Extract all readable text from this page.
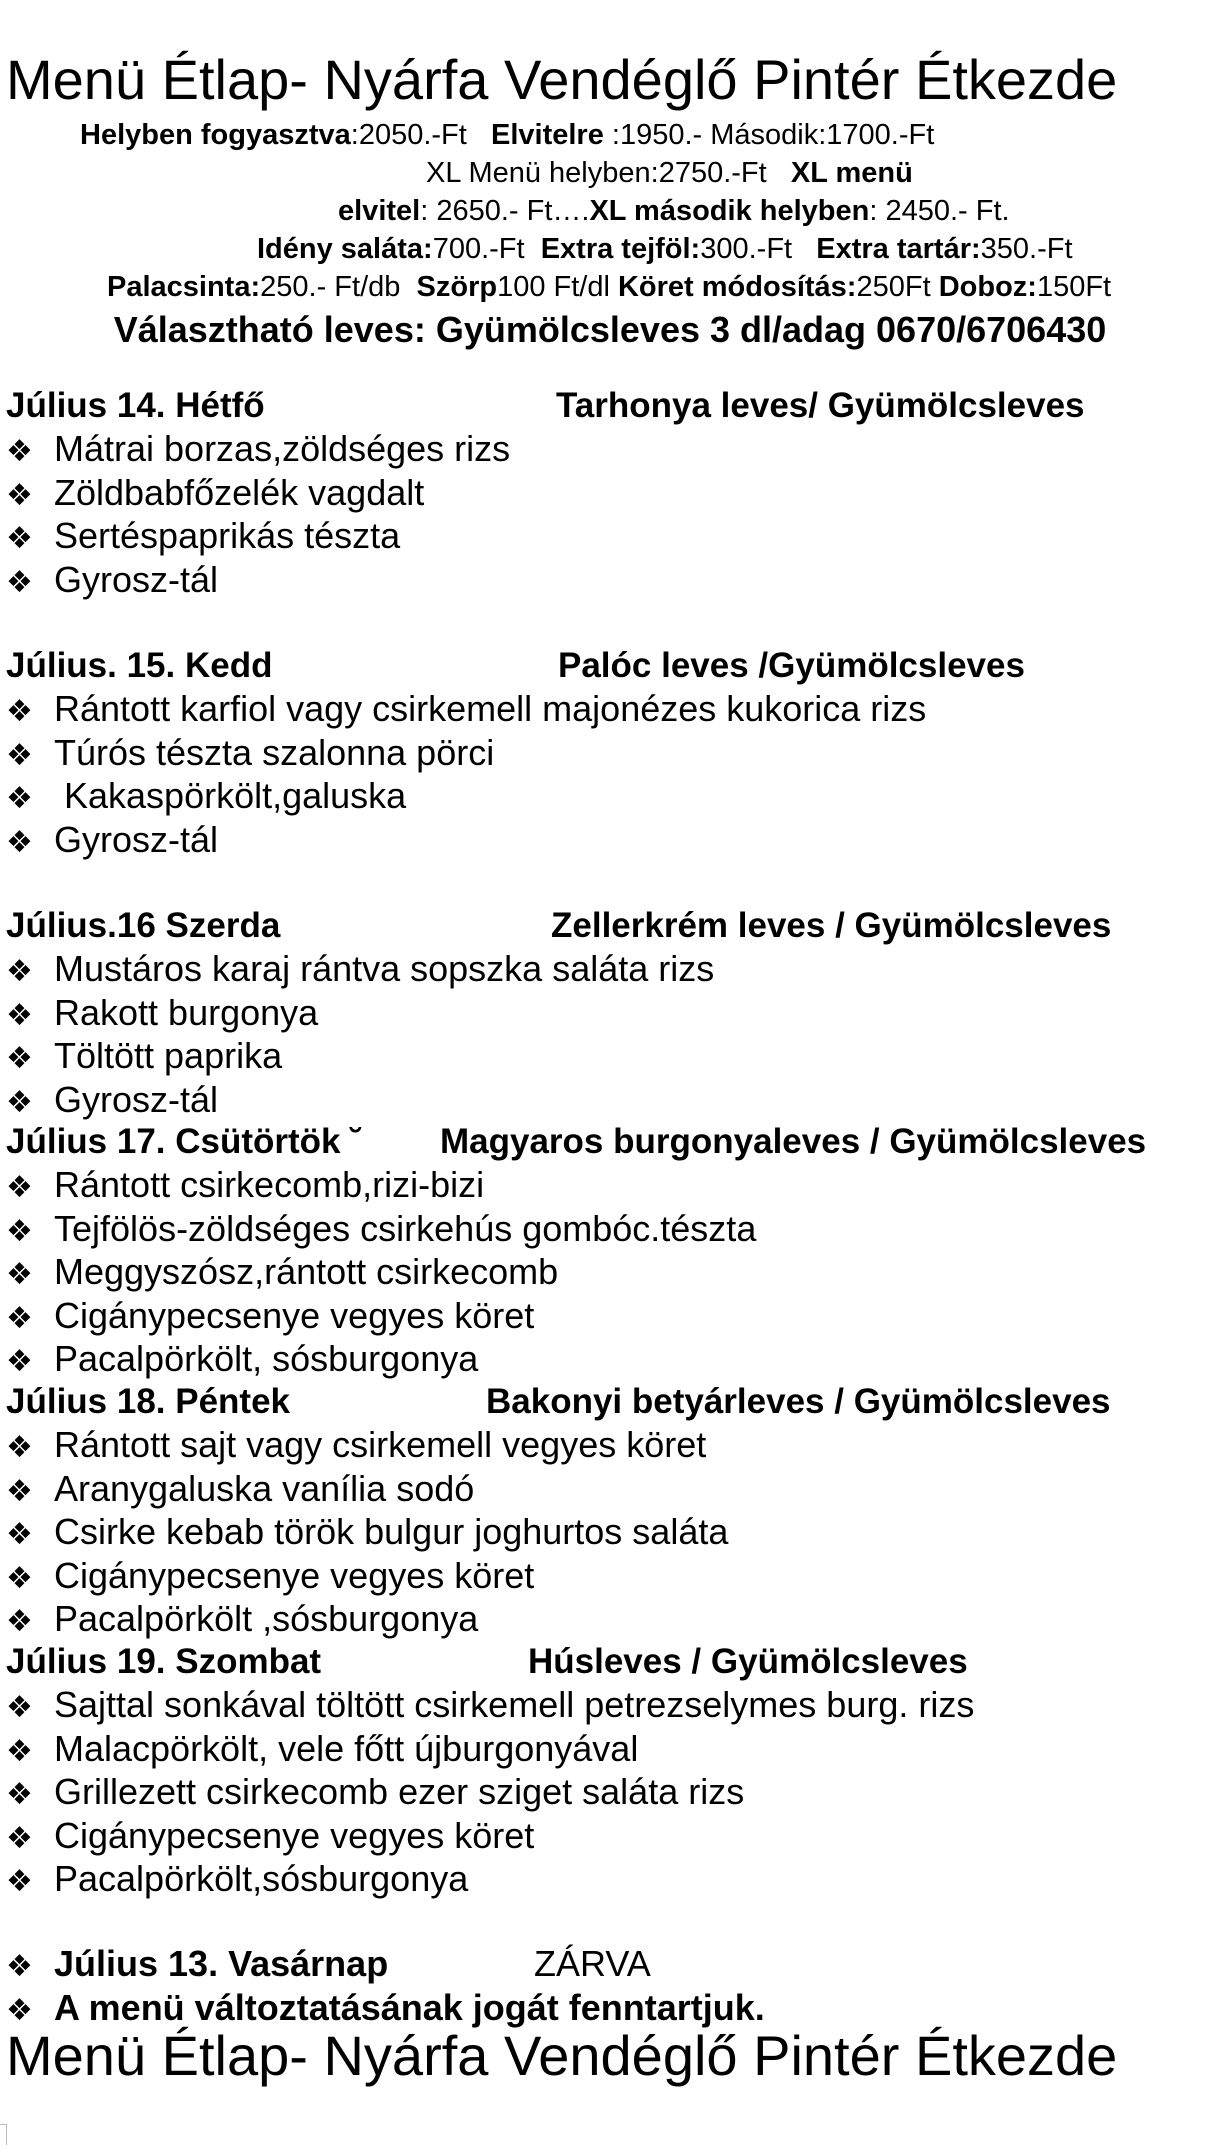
Menü Étlap- Nyárfa Vendéglő Pintér Étkezde

Helyben fogyasztva:2050.-Ft Elvitelre :1950.- Második:1700.-Ft

XL Menü helyben:2750.-Ft XL menü

elvitel: 2650.- Ft….XL második helyben: 2450.- Ft.

Idény saláta:700.-Ft Extra tejföl:300.-Ft Extra tartár:350.-Ft

Palacsinta:250.- Ft/db Szörp100 Ft/dl Köret módosítás:250Ft Doboz:150Ft

Választható leves: Gyümölcsleves 3 dl/adag 0670/6706430
Július 14. Hétfő	Tarhonya leves/ Gyümölcsleves
❖ Mátrai borzas,zöldséges rizs
❖ Zöldbabfőzelék vagdalt
❖ Sertéspaprikás tészta
❖ Gyrosz-tál
Július. 15. Kedd	Palóc leves /Gyümölcsleves
❖ Rántott karfiol vagy csirkemell majonézes kukorica rizs
❖ Túrós tészta szalonna pörci
❖ Kakaspörkölt,galuska
❖ Gyrosz-tál
Július.16 Szerda	Zellerkrém leves / Gyümölcsleves
❖ Mustáros karaj rántva sopszka saláta rizs
❖ Rakott burgonya
❖ Töltött paprika
❖ Gyrosz-tál
Július 17. Csütörtök ˘ Magyaros burgonyaleves / Gyümölcsleves
❖ Rántott csirkecomb,rizi-bizi
❖ Tejfölös-zöldséges csirkehús gombóc.tészta
❖ Meggyszósz,rántott csirkecomb
❖ Cigánypecsenye vegyes köret
❖ Pacalpörkölt, sósburgonya
Július 18. Péntek	Bakonyi betyárleves / Gyümölcsleves
❖ Rántott sajt vagy csirkemell vegyes köret
❖ Aranygaluska vanília sodó
❖ Csirke kebab török bulgur joghurtos saláta
❖ Cigánypecsenye vegyes köret
❖ Pacalpörkölt ,sósburgonya
Július 19. Szombat	Húsleves / Gyümölcsleves
❖ Sajttal sonkával töltött csirkemell petrezselymes burg. rizs
❖ Malacpörkölt, vele főtt újburgonyával
❖ Grillezett csirkecomb ezer sziget saláta rizs
❖ Cigánypecsenye vegyes köret
❖ Pacalpörkölt,sósburgonya
❖ Július 13. Vasárnap	ZÁRVA
❖ A menü változtatásának jogát fenntartjuk.
Menü Étlap- Nyárfa Vendéglő Pintér Étkezde
